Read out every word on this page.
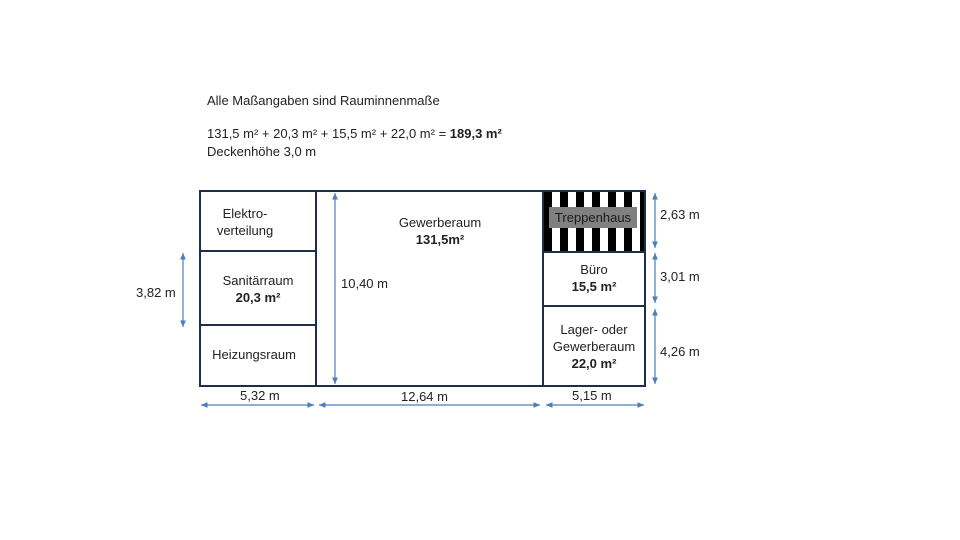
Alle Maßangaben sind Rauminnenmaße
131,5 m² + 20,3 m² + 15,5 m² + 22,0 m² = 189,3 m²
Deckenhöhe 3,0 m
Treppenhaus
Elektro-
verteilung
Sanitärraum
20,3 m²
Heizungsraum
Gewerberaum
131,5m²
Büro
15,5 m²
Lager- oder
Gewerberaum
22,0 m²
3,82 m
10,40 m
2,63 m
3,01 m
4,26 m
5,32 m	12,64 m	5,15 m
